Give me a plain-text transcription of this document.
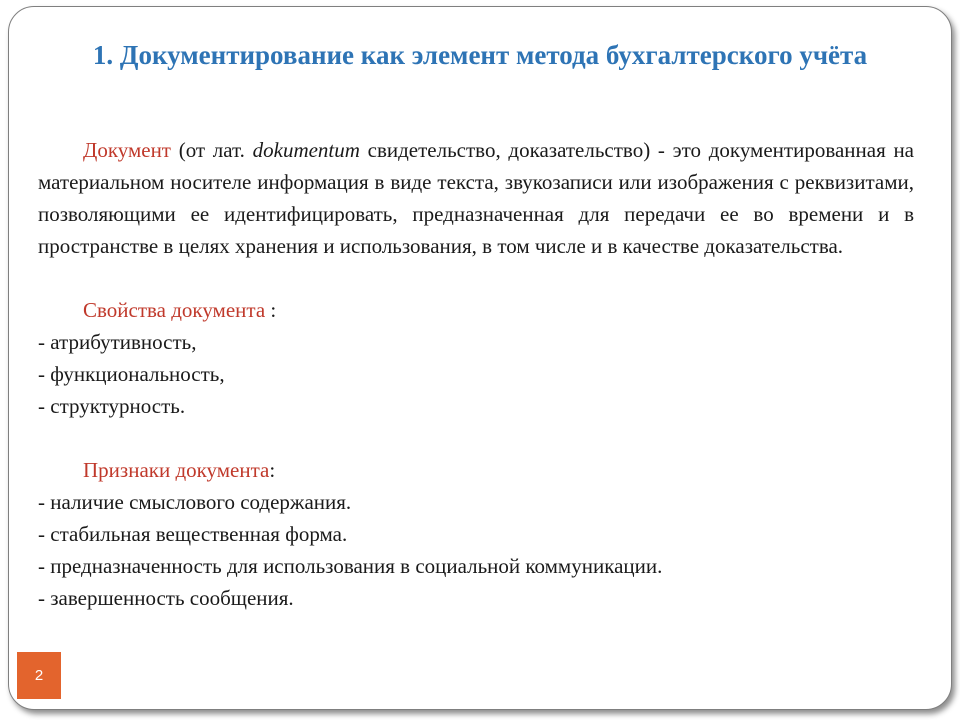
1. Документирование как элемент метода бухгалтерского учёта

Документ (от лат. dokumentum свидетельство, доказательство) - это документированная на материальном носителе информация в виде текста, звукозаписи или изображения с реквизитами, позволяющими ее идентифицировать, предназначенная для передачи ее во времени и в пространстве в целях хранения и использования, в том числе и в качестве доказательства.

Свойства документа :

- атрибутивность,
- функциональность,
- структурность.

Признаки документа:

- наличие смыслового содержания.
- стабильная вещественная форма.
- предназначенность для использования в социальной коммуникации.
- завершенность сообщения.
2
